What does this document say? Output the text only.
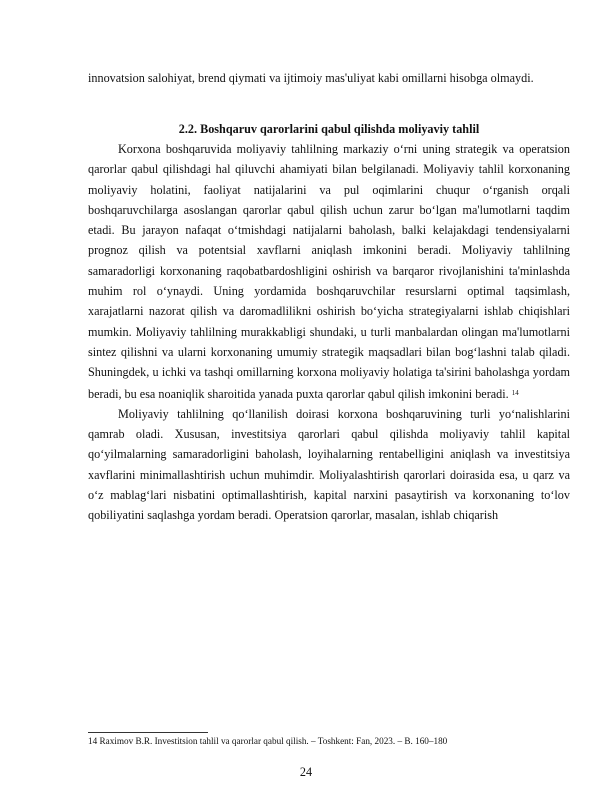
innovatsion salohiyat, brend qiymati va ijtimoiy mas'uliyat kabi omillarni hisobga olmaydi.

2.2. Boshqaruv qarorlarini qabul qilishda moliyaviy tahlil

Korxona boshqaruvida moliyaviy tahlilning markaziy o‘rni uning strategik va operatsion qarorlar qabul qilishdagi hal qiluvchi ahamiyati bilan belgilanadi. Moliyaviy tahlil korxonaning moliyaviy holatini, faoliyat natijalarini va pul oqimlarini chuqur o‘rganish orqali boshqaruvchilarga asoslangan qarorlar qabul qilish uchun zarur bo‘lgan ma'lumotlarni taqdim etadi. Bu jarayon nafaqat o‘tmishdagi natijalarni baholash, balki kelajakdagi tendensiyalarni prognoz qilish va potentsial xavflarni aniqlash imkonini beradi. Moliyaviy tahlilning samaradorligi korxonaning raqobatbardoshligini oshirish va barqaror rivojlanishini ta'minlashda muhim rol o‘ynaydi. Uning yordamida boshqaruvchilar resurslarni optimal taqsimlash, xarajatlarni nazorat qilish va daromadlilikni oshirish bo‘yicha strategiyalarni ishlab chiqishlari mumkin. Moliyaviy tahlilning murakkabligi shundaki, u turli manbalardan olingan ma'lumotlarni sintez qilishni va ularni korxonaning umumiy strategik maqsadlari bilan bog‘lashni talab qiladi. Shuningdek, u ichki va tashqi omillarning korxona moliyaviy holatiga ta'sirini baholashga yordam beradi, bu esa noaniqlik sharoitida yanada puxta qarorlar qabul qilish imkonini beradi. $^{14}$

Moliyaviy tahlilning qo‘llanilish doirasi korxona boshqaruvining turli yo‘nalishlarini qamrab oladi. Xususan, investitsiya qarorlari qabul qilishda moliyaviy tahlil kapital qo‘yilmalarning samaradorligini baholash, loyihalarning rentabelligini aniqlash va investitsiya xavflarini minimallashtirish uchun muhimdir. Moliyalashtirish qarorlari doirasida esa, u qarz va o‘z mablag‘lari nisbatini optimallashtirish, kapital narxini pasaytirish va korxonaning to‘lov qobiliyatini saqlashga yordam beradi. Operatsion qarorlar, masalan, ishlab chiqarish

14 Raximov B.R. Investitsion tahlil va qarorlar qabul qilish. – Toshkent: Fan, 2023. – B. 160–180
24
